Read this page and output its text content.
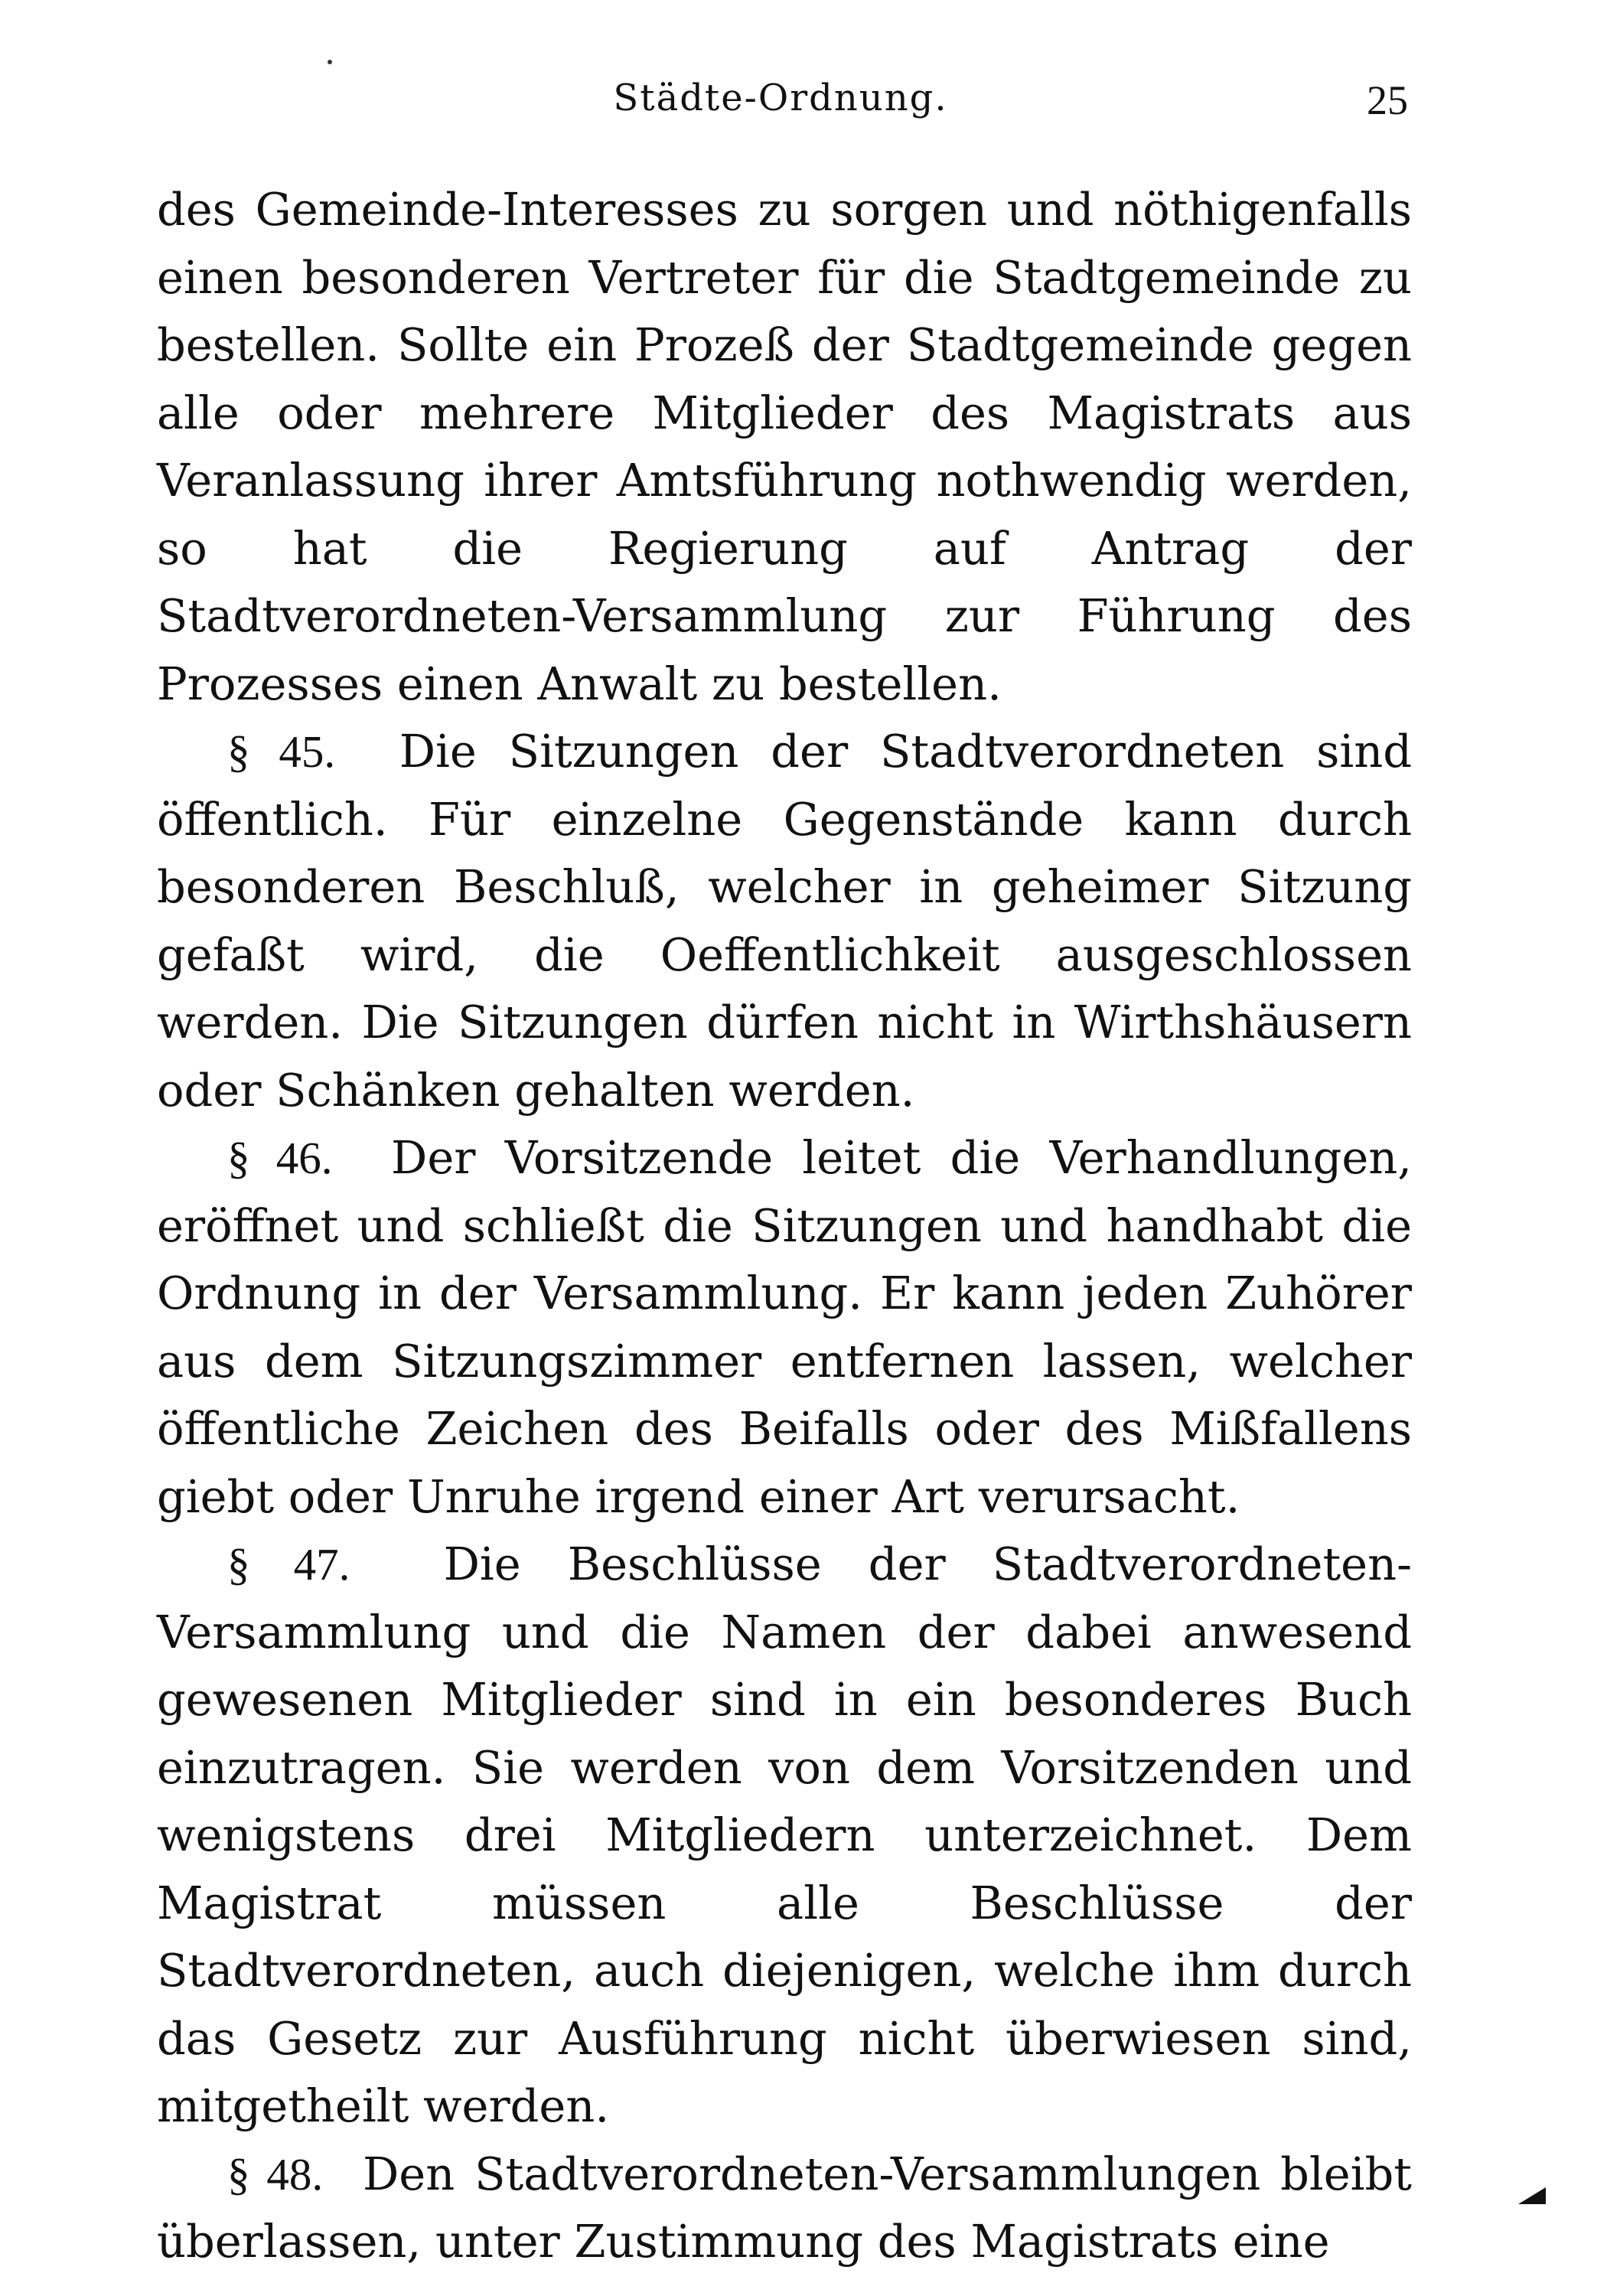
Städte-Ordnung.	25

des Gemeinde-Interesses zu sorgen und nöthigenfalls einen besonderen Vertreter für die Stadtgemeinde zu bestellen. Sollte ein Prozeß der Stadtgemeinde gegen alle oder mehrere Mitglieder des Magistrats aus Veranlassung ihrer Amtsführung nothwendig werden, so hat die Regierung auf Antrag der Stadtverordneten-Versammlung zur Führung des Prozesses einen Anwalt zu bestellen.

§ 45. Die Sitzungen der Stadtverordneten sind öffentlich. Für einzelne Gegenstände kann durch besonderen Beschluß, welcher in geheimer Sitzung gefaßt wird, die Oeffentlichkeit ausgeschlossen werden. Die Sitzungen dürfen nicht in Wirthshäusern oder Schänken gehalten werden.

§ 46. Der Vorsitzende leitet die Verhandlungen, eröffnet und schließt die Sitzungen und handhabt die Ordnung in der Versammlung. Er kann jeden Zuhörer aus dem Sitzungszimmer entfernen lassen, welcher öffentliche Zeichen des Beifalls oder des Mißfallens giebt oder Unruhe irgend einer Art verursacht.

§ 47. Die Beschlüsse der Stadtverordneten-Versammlung und die Namen der dabei anwesend gewesenen Mitglieder sind in ein besonderes Buch einzutragen. Sie werden von dem Vorsitzenden und wenigstens drei Mitgliedern unterzeichnet. Dem Magistrat müssen alle Beschlüsse der Stadtverordneten, auch diejenigen, welche ihm durch das Gesetz zur Ausführung nicht überwiesen sind, mitgetheilt werden.

§ 48. Den Stadtverordneten-Versammlungen bleibt überlassen, unter Zustimmung des Magistrats eine
